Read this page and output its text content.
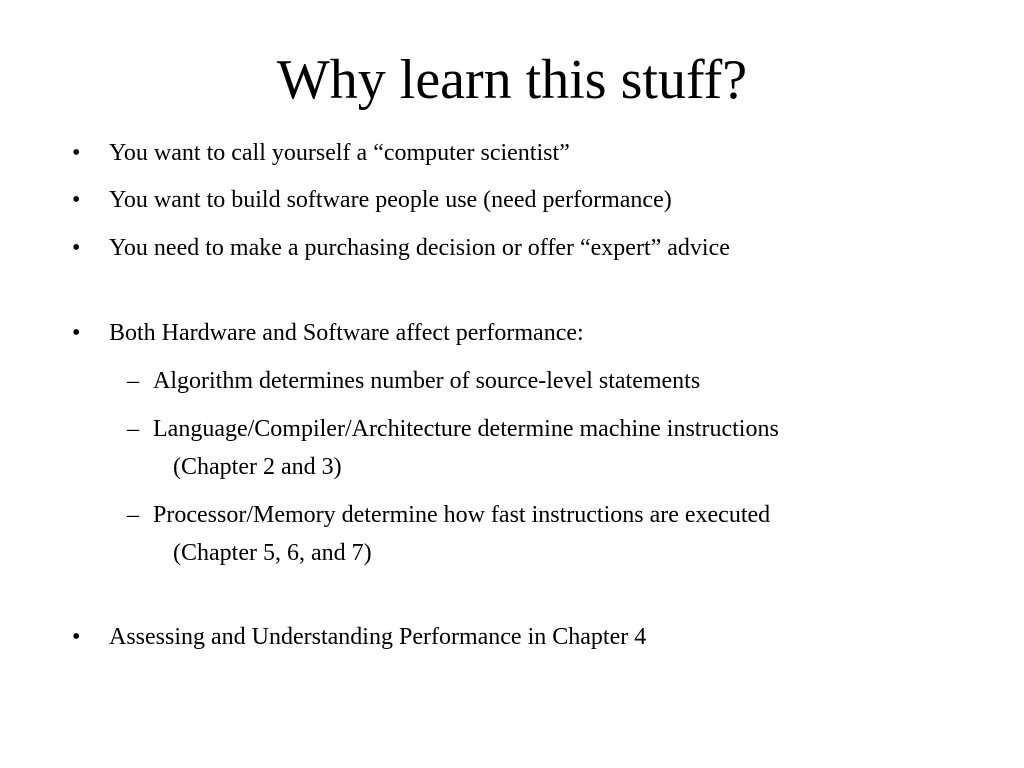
Why learn this stuff?
• You want to call yourself a “computer scientist”
• You want to build software people use (need performance)
• You need to make a purchasing decision or offer “expert” advice
• Both Hardware and Software affect performance:
– Algorithm determines number of source-level statements
– Language/Compiler/Architecture determine machine instructions
(Chapter 2 and 3)
– Processor/Memory determine how fast instructions are executed
(Chapter 5, 6, and 7)
• Assessing and Understanding Performance in Chapter 4
